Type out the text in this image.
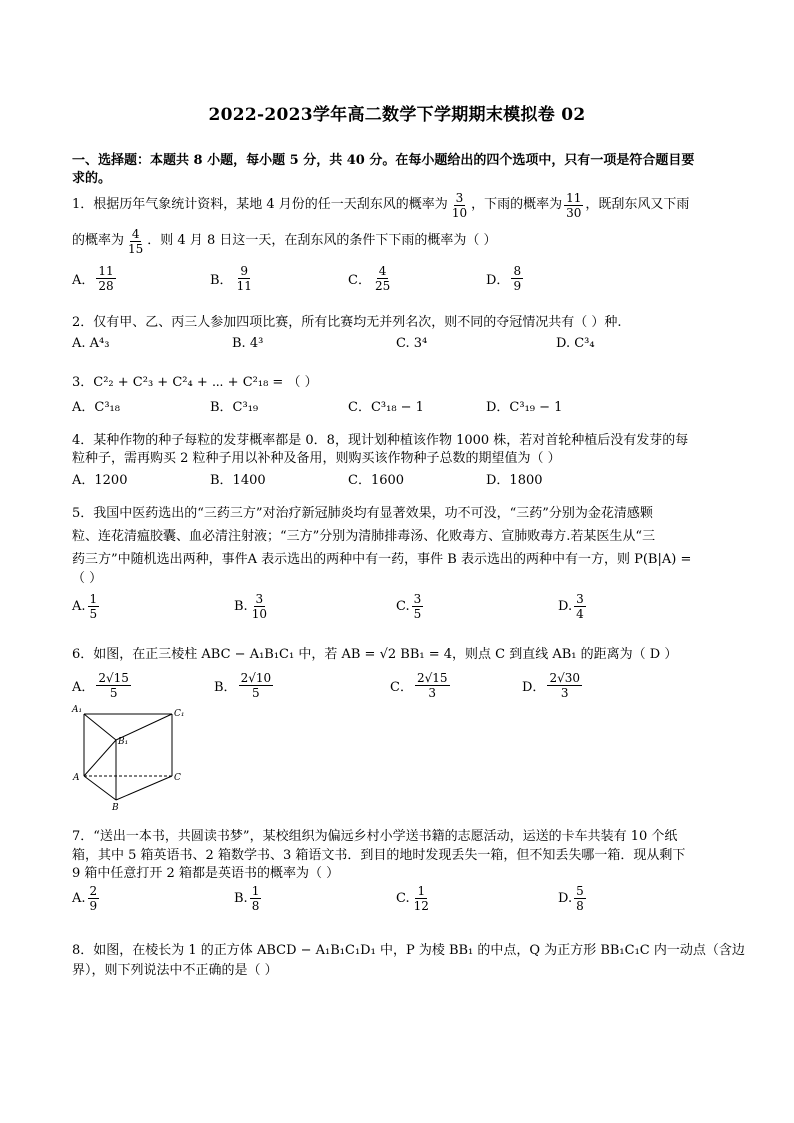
2022-2023学年高二数学下学期期末模拟卷 02
一、选择题：本题共 8 小题，每小题 5 分，共 40 分。在每小题给出的四个选项中，只有一项是符合题目要
求的。
1．根据历年气象统计资料，某地 4 月份的任一天刮东风的概率为 $\frac{3}{10}$ ，下雨的概率为 $\frac{11}{30}$ ，既刮东风又下雨
的概率为 $\frac{4}{15}$ ．则 4 月 8 日这一天，在刮东风的条件下下雨的概率为（ ）
A． $\frac{11}{28}$	B． $\frac{9}{11}$	C． $\frac{4}{25}$	D． $\frac{8}{9}$
2．仅有甲、乙、丙三人参加四项比赛，所有比赛均无并列名次，则不同的夺冠情况共有（ ）种.
A. A⁴₃	B. 4³	C. 3⁴	D. C³₄
3．C²₂ + C²₃ + C²₄ + ⋯ + C²₁₈ = （ ）
A．C³₁₈	B．C³₁₉	C．C³₁₈ − 1	D．C³₁₉ − 1
4．某种作物的种子每粒的发芽概率都是 0．8，现计划种植该作物 1000 株，若对首轮种植后没有发芽的每
粒种子，需再购买 2 粒种子用以补种及备用，则购买该作物种子总数的期望值为（ ）
A．1200	B．1400	C．1600	D．1800
5．我国中医药选出的“三药三方”对治疗新冠肺炎均有显著效果，功不可没，“三药”分别为金花清感颗
粒、连花清瘟胶囊、血必清注射液；“三方”分别为清肺排毒汤、化败毒方、宣肺败毒方.若某医生从“三
药三方”中随机选出两种，事件A 表示选出的两种中有一药，事件 B 表示选出的两种中有一方，则 P(B|A) =
（ ）
A. $\frac{1}{5}$	B. $\frac{3}{10}$	C. $\frac{3}{5}$	D. $\frac{3}{4}$
6．如图，在正三棱柱 ABC − A₁B₁C₁ 中，若 AB = √2 BB₁ = 4，则点 C 到直线 AB₁ 的距离为（ D ）
A． $\frac{2√15}{5}$	B． $\frac{2√10}{5}$	C． $\frac{2√15}{3}$	D． $\frac{2√30}{3}$
A₁	C₁
B₁
A	C
B
7．“送出一本书，共圆读书梦”，某校组织为偏远乡村小学送书籍的志愿活动，运送的卡车共装有 10 个纸
箱，其中 5 箱英语书、2 箱数学书、3 箱语文书．到目的地时发现丢失一箱，但不知丢失哪一箱．现从剩下
9 箱中任意打开 2 箱都是英语书的概率为（ ）
A. $\frac{2}{9}$	B. $\frac{1}{8}$	C. $\frac{1}{12}$	D. $\frac{5}{8}$
8．如图，在棱长为 1 的正方体 ABCD − A₁B₁C₁D₁ 中，P 为棱 BB₁ 的中点，Q 为正方形 BB₁C₁C 内一动点（含边
界），则下列说法中不正确的是（ ）
